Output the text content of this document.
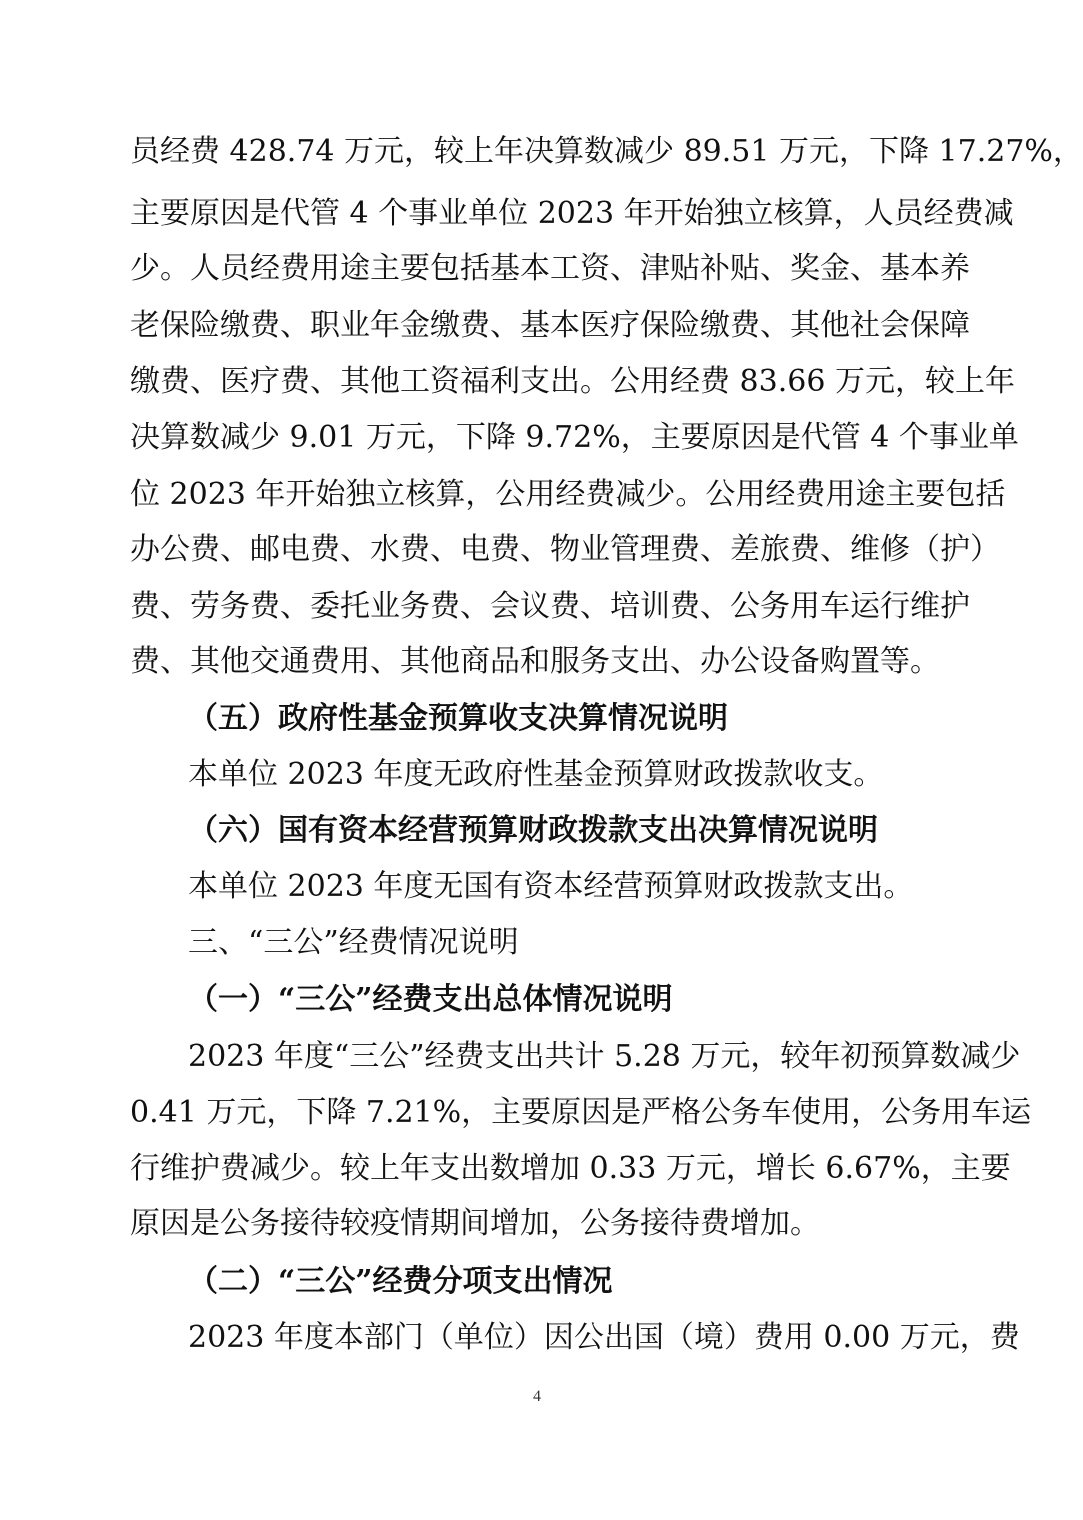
员经费 428.74 万元，较上年决算数减少 89.51 万元，下降 17.27%，
主要原因是代管 4 个事业单位 2023 年开始独立核算，人员经费减
少。人员经费用途主要包括基本工资、津贴补贴、奖金、基本养
老保险缴费、职业年金缴费、基本医疗保险缴费、其他社会保障
缴费、医疗费、其他工资福利支出。公用经费 83.66 万元，较上年
决算数减少 9.01 万元，下降 9.72%，主要原因是代管 4 个事业单
位 2023 年开始独立核算，公用经费减少。公用经费用途主要包括
办公费、邮电费、水费、电费、物业管理费、差旅费、维修（护）
费、劳务费、委托业务费、会议费、培训费、公务用车运行维护
费、其他交通费用、其他商品和服务支出、办公设备购置等。
（五）政府性基金预算收支决算情况说明
本单位 2023 年度无政府性基金预算财政拨款收支。
（六）国有资本经营预算财政拨款支出决算情况说明
本单位 2023 年度无国有资本经营预算财政拨款支出。
三、“三公”经费情况说明
（一）“三公”经费支出总体情况说明
2023 年度“三公”经费支出共计 5.28 万元，较年初预算数减少
0.41 万元，下降 7.21%，主要原因是严格公务车使用，公务用车运
行维护费减少。较上年支出数增加 0.33 万元，增长 6.67%，主要
原因是公务接待较疫情期间增加，公务接待费增加。
（二）“三公”经费分项支出情况
2023 年度本部门（单位）因公出国（境）费用 0.00 万元，费
4
